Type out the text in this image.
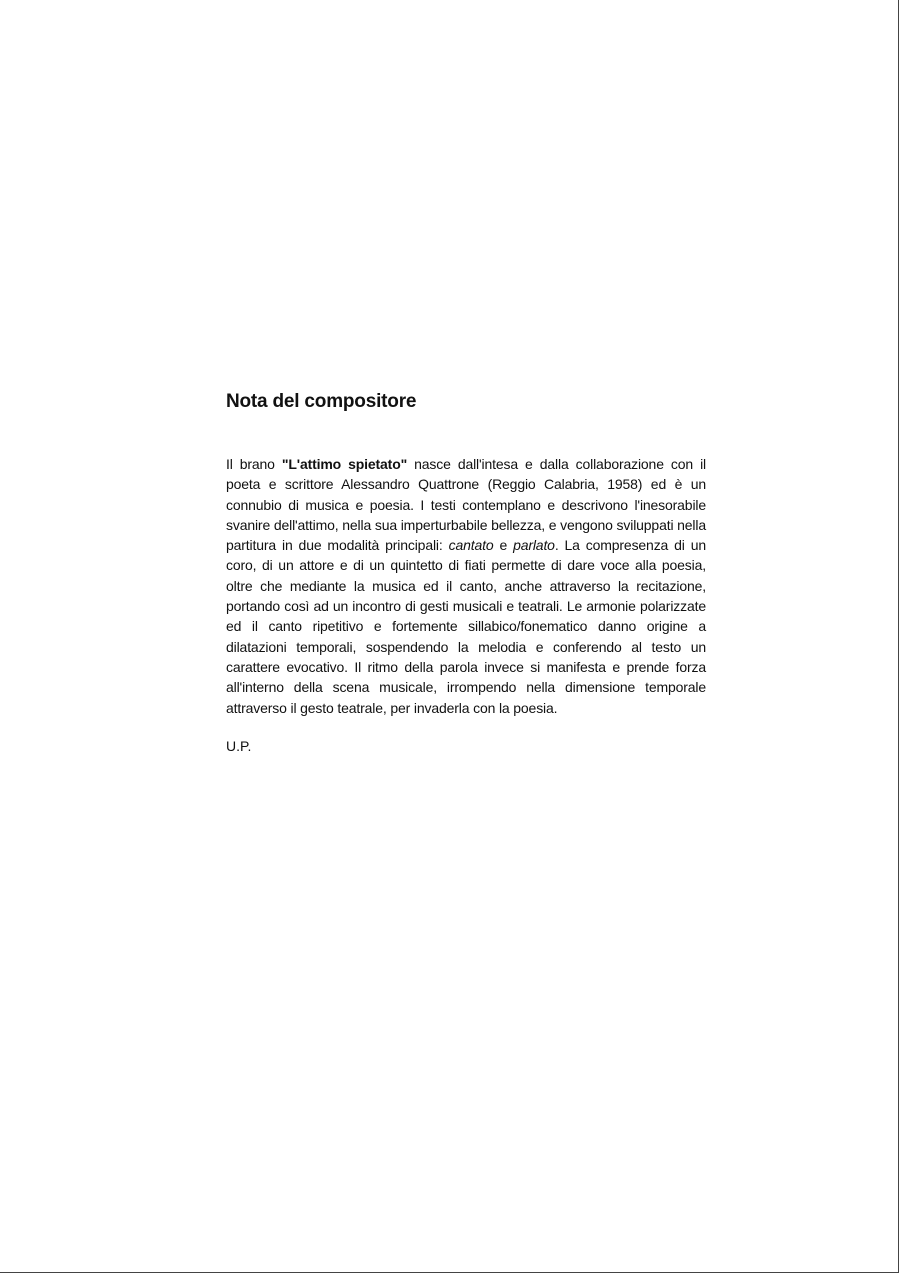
Nota del compositore

Il brano "L'attimo spietato" nasce dall'intesa e dalla collaborazione con il poeta e scrittore Alessandro Quattrone (Reggio Calabria, 1958) ed è un connubio di musica e poesia. I testi contemplano e descrivono l'inesorabile svanire dell'attimo, nella sua imperturbabile bellezza, e vengono sviluppati nella partitura in due modalità principali: cantato e parlato. La compresenza di un coro, di un attore e di un quintetto di fiati permette di dare voce alla poesia, oltre che mediante la musica ed il canto, anche attraverso la recitazione, portando così ad un incontro di gesti musicali e teatrali. Le armonie polarizzate ed il canto ripetitivo e fortemente sillabico/fonematico danno origine a dilatazioni temporali, sospendendo la melodia e conferendo al testo un carattere evocativo. Il ritmo della parola invece si manifesta e prende forza all'interno della scena musicale, irrompendo nella dimensione temporale attraverso il gesto teatrale, per invaderla con la poesia.

U.P.
